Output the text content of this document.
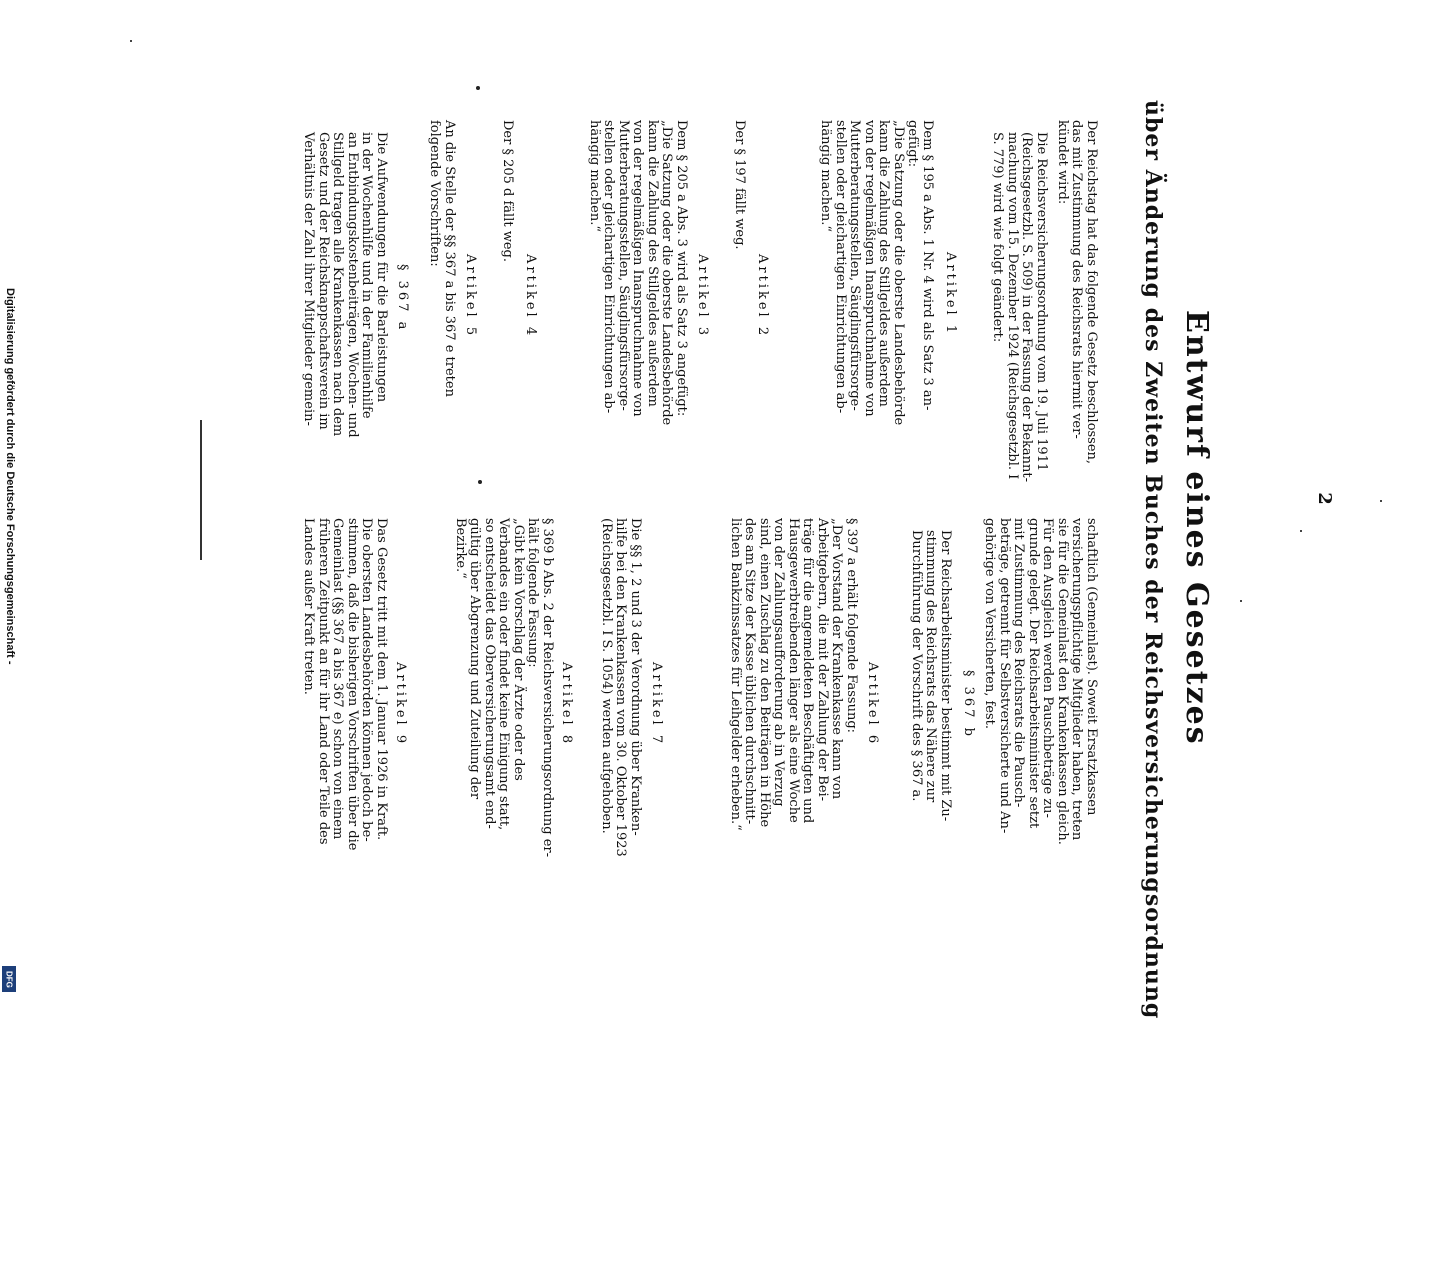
Digitalisierung gefördert durch die Deutsche Forschungsgemeinschaft -
DFG
2
Entwurf eines Gesetzes
über Änderung des Zweiten Buches der Reichsversicherungsordnung
Der Reichstag hat das folgende Gesetz beschlossen,
das mit Zustimmung des Reichsrats hiermit ver-
kündet wird:
Die Reichsversicherungsordnung vom 19. Juli 1911
(Reichsgesetzbl. S. 509) in der Fassung der Bekannt-
machung vom 15. Dezember 1924 (Reichsgesetzbl. I
S. 779) wird wie folgt geändert:
Artikel 1
Dem § 195 a Abs. 1 Nr. 4 wird als Satz 3 an-
gefügt:
„Die Satzung oder die oberste Landesbehörde
kann die Zahlung des Stillgeldes außerdem
von der regelmäßigen Inanspruchnahme von
Mutterberatungsstellen, Säuglingsfürsorge-
stellen oder gleichartigen Einrichtungen ab-
hängig machen.“
Artikel 2
Der § 197 fällt weg.
Artikel 3
Dem § 205 a Abs. 3 wird als Satz 3 angefügt:
„Die Satzung oder die oberste Landesbehörde
kann die Zahlung des Stillgeldes außerdem
von der regelmäßigen Inanspruchnahme von
Mutterberatungsstellen, Säuglingsfürsorge-
stellen oder gleichartigen Einrichtungen ab-
hängig machen.“
Artikel 4
Der § 205 d fällt weg.
Artikel 5
An die Stelle der §§ 367 a bis 367 e treten
folgende Vorschriften:
§ 367 a
Die Aufwendungen für die Barleistungen
in der Wochenhilfe und in der Familienhilfe
an Entbindungskostenbeiträgen, Wochen- und
Stillgeld tragen alle Krankenkassen nach dem
Gesetz und der Reichsknappschaftsverein im
Verhältnis der Zahl ihrer Mitglieder gemein-
schaftlich (Gemeinlast). Soweit Ersatzkassen
versicherungspflichtige Mitglieder haben, treten
sie für die Gemeinlast den Krankenkassen gleich.
Für den Ausgleich werden Pauschbeträge zu-
grunde gelegt. Der Reichsarbeitsminister setzt
mit Zustimmung des Reichsrats die Pausch-
beträge, getrennt für Selbstversicherte und An-
gehörige von Versicherten, fest.
§ 367 b
Der Reichsarbeitsminister bestimmt mit Zu-
stimmung des Reichsrats das Nähere zur
Durchführung der Vorschrift des § 367 a.
Artikel 6
§ 397 a erhält folgende Fassung:
„Der Vorstand der Krankenkasse kann von
Arbeitgebern, die mit der Zahlung der Bei-
träge für die angemeldeten Beschäftigten und
Hausgewerbtreibenden länger als eine Woche
von der Zahlungsaufforderung ab in Verzug
sind, einen Zuschlag zu den Beiträgen in Höhe
des am Sitze der Kasse üblichen durchschnitt-
lichen Bankzinssatzes für Leihgelder erheben.“
Artikel 7
Die §§ 1, 2 und 3 der Verordnung über Kranken-
hilfe bei den Krankenkassen vom 30. Oktober 1923
(Reichsgesetzbl. I S. 1054) werden aufgehoben.
Artikel 8
§ 369 b Abs. 2 der Reichsversicherungsordnung er-
hält folgende Fassung:
„Gibt kein Vorschlag der Ärzte oder des
Verbandes ein oder findet keine Einigung statt,
so entscheidet das Oberversicherungsamt end-
gültig über Abgrenzung und Zuteilung der
Bezirke.“
Artikel 9
Das Gesetz tritt mit dem 1. Januar 1926 in Kraft.
Die obersten Landesbehörden können jedoch be-
stimmen, daß die bisherigen Vorschriften über die
Gemeinlast (§§ 367 a bis 367 e) schon von einem
früheren Zeitpunkt an für ihr Land oder Teile des
Landes außer Kraft treten.
